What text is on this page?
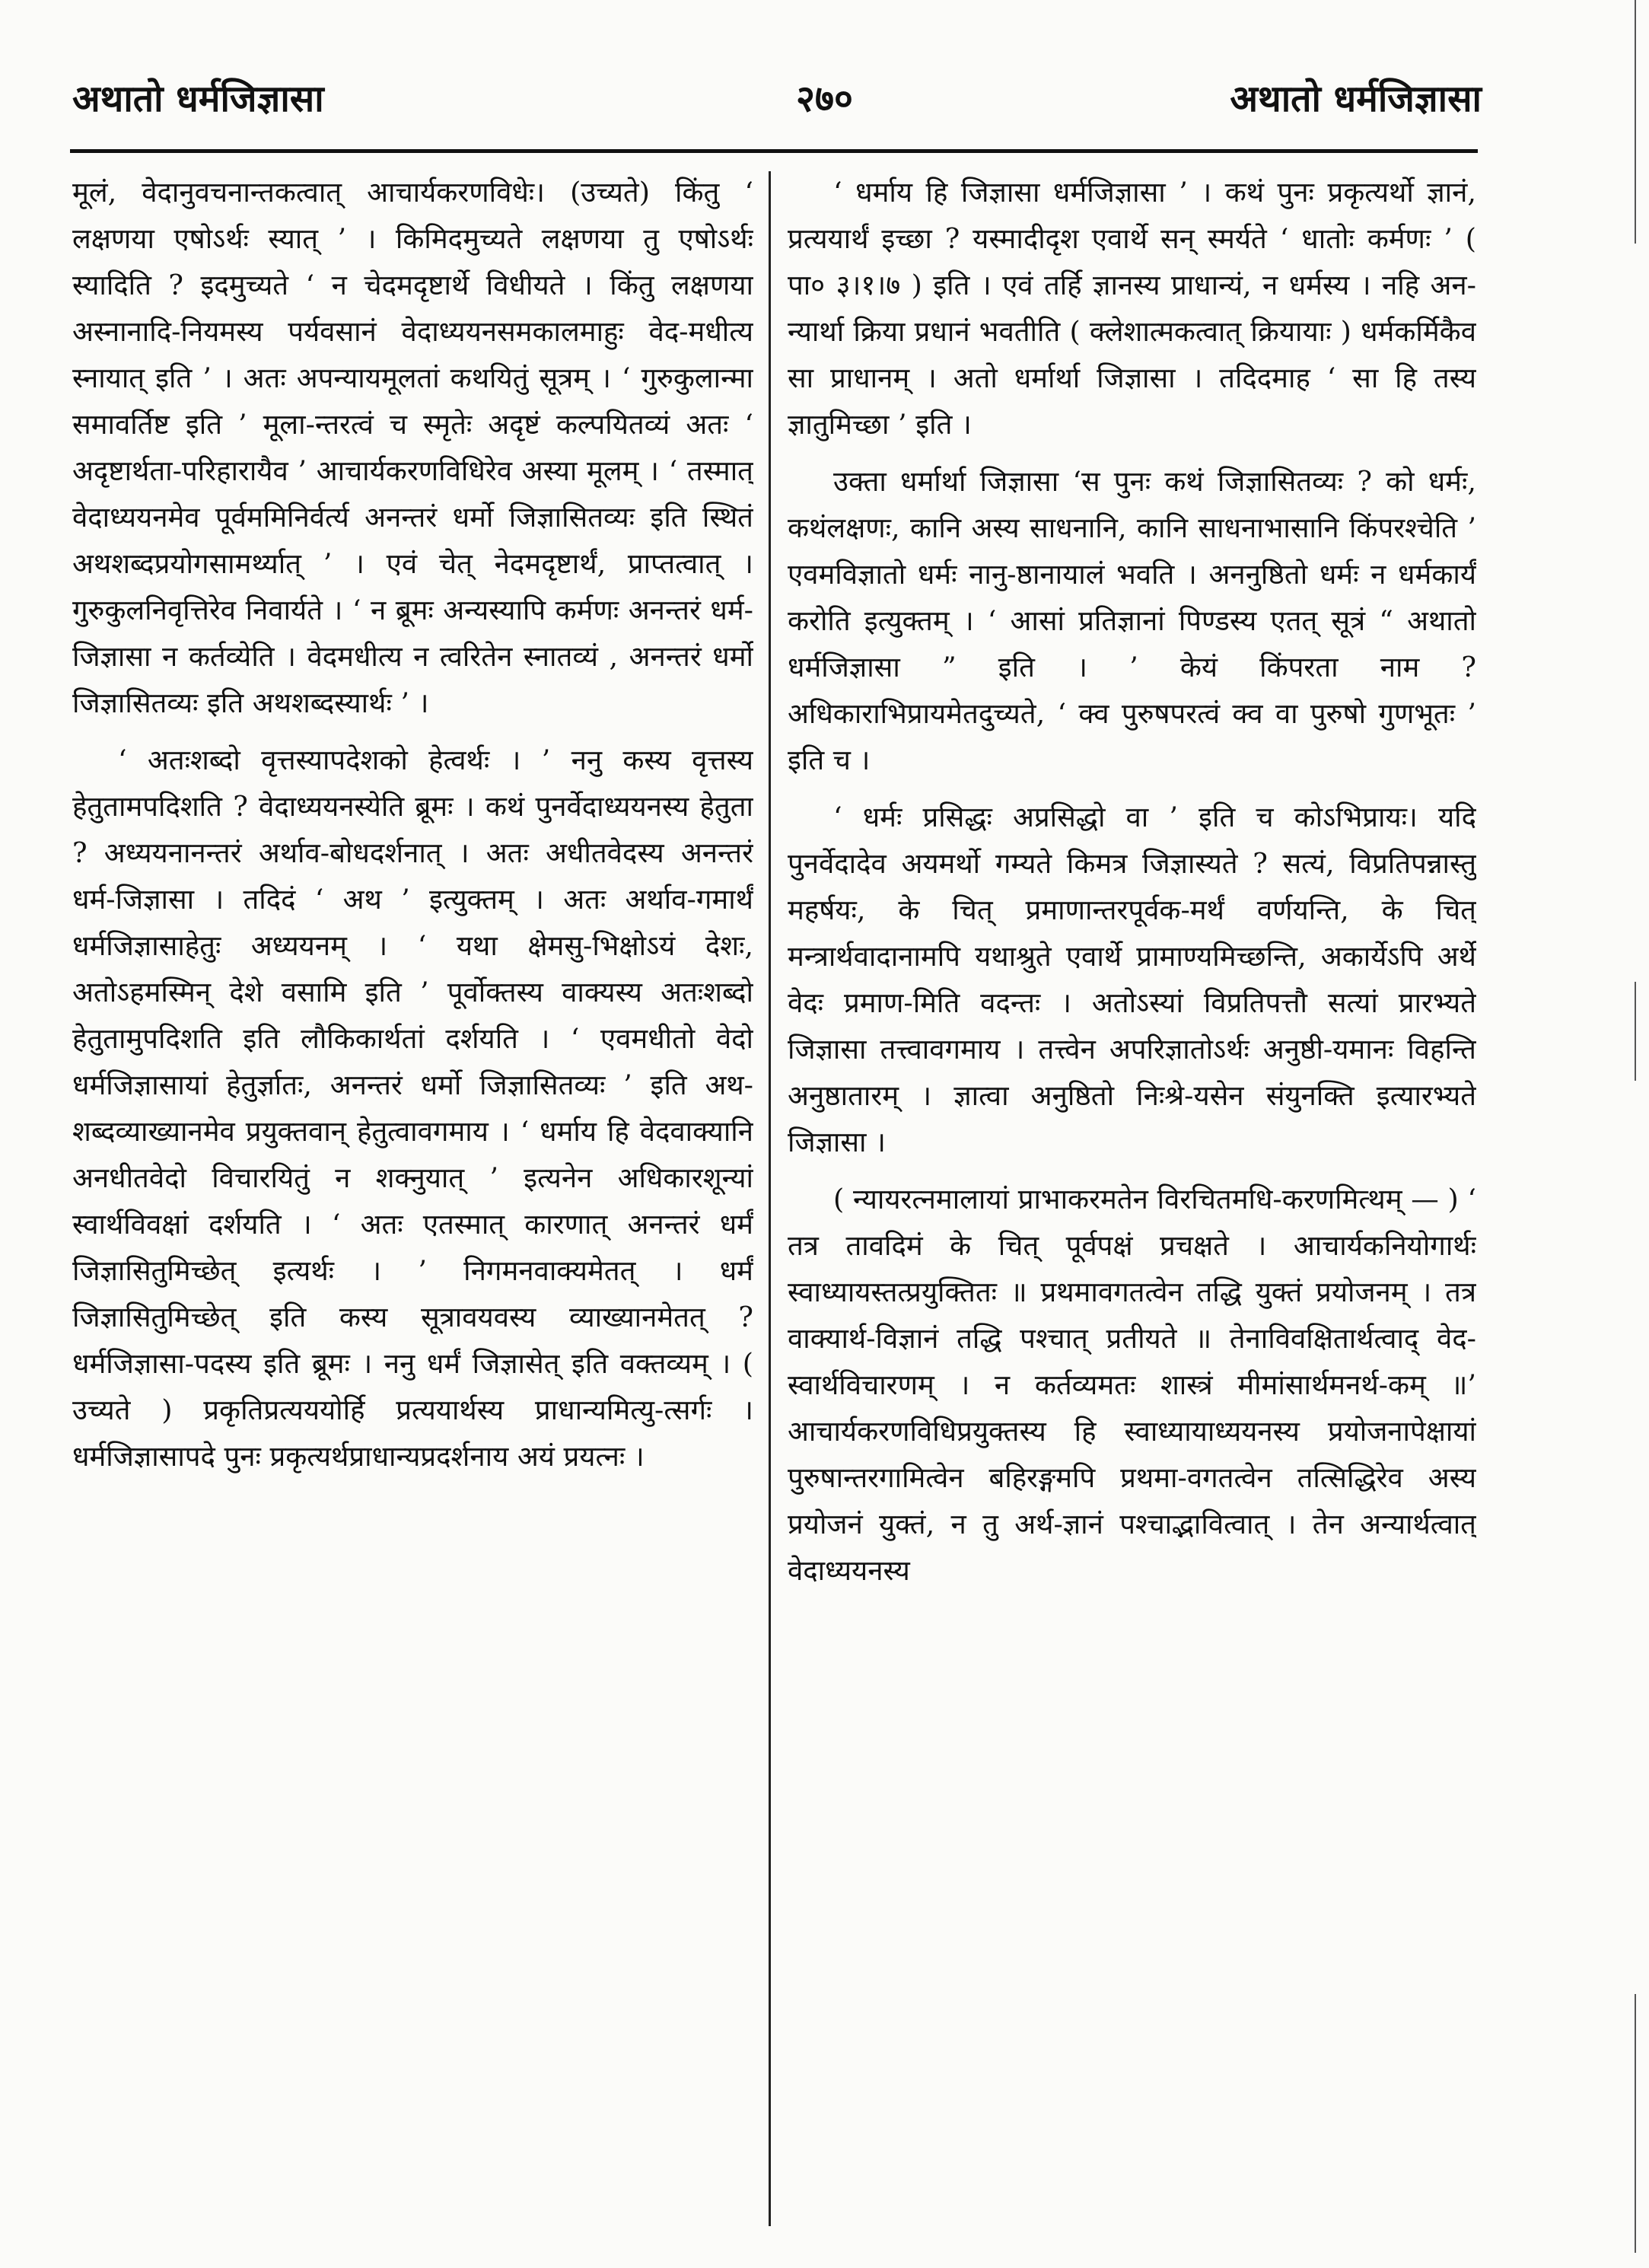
अथातो धर्मजिज्ञासा	२७०	अथातो धर्मजिज्ञासा

मूलं, वेदानुवचनान्तकत्वात् आचार्यकरणविधेः। (उच्यते) किंतु ‘ लक्षणया एषोऽर्थः स्यात् ’ । किमिदमुच्यते लक्षणया तु एषोऽर्थः स्यादिति ? इदमुच्यते ‘ न चेदमदृष्टार्थे विधीयते । किंतु लक्षणया अस्नानादि-नियमस्य पर्यवसानं वेदाध्ययनसमकालमाहुः वेद-मधीत्य स्नायात् इति ’ । अतः अपन्यायमूलतां कथयितुं सूत्रम् । ‘ गुरुकुलान्मा समावर्तिष्ट इति ’ मूला-न्तरत्वं च स्मृतेः अदृष्टं कल्पयितव्यं अतः ‘ अदृष्टार्थता-परिहारायैव ’ आचार्यकरणविधिरेव अस्या मूलम् । ‘ तस्मात् वेदाध्ययनमेव पूर्वममिनिर्वर्त्य अनन्तरं धर्मो जिज्ञासितव्यः इति स्थितं अथशब्दप्रयोगसामर्थ्यात् ’ । एवं चेत् नेदमदृष्टार्थं, प्राप्तत्वात् । गुरुकुलनिवृत्तिरेव निवार्यते । ‘ न ब्रूमः अन्यस्यापि कर्मणः अनन्तरं धर्म-जिज्ञासा न कर्तव्येति । वेदमधीत्य न त्वरितेन स्नातव्यं , अनन्तरं धर्मो जिज्ञासितव्यः इति अथशब्दस्यार्थः ’ ।

‘ अतःशब्दो वृत्तस्यापदेशको हेत्वर्थः । ’ ननु कस्य वृत्तस्य हेतुतामपदिशति ? वेदाध्ययनस्येति ब्रूमः । कथं पुनर्वेदाध्ययनस्य हेतुता ? अध्ययनानन्तरं अर्थाव-बोधदर्शनात् । अतः अधीतवेदस्य अनन्तरं धर्म-जिज्ञासा । तदिदं ‘ अथ ’ इत्युक्तम् । अतः अर्थाव-गमार्थं धर्मजिज्ञासाहेतुः अध्ययनम् । ‘ यथा क्षेमसु-भिक्षोऽयं देशः, अतोऽहमस्मिन् देशे वसामि इति ’ पूर्वोक्तस्य वाक्यस्य अतःशब्दो हेतुतामुपदिशति इति लौकिकार्थतां दर्शयति । ‘ एवमधीतो वेदो धर्मजिज्ञासायां हेतुर्ज्ञातः, अनन्तरं धर्मो जिज्ञासितव्यः ’ इति अथ-शब्दव्याख्यानमेव प्रयुक्तवान् हेतुत्वावगमाय । ‘ धर्माय हि वेदवाक्यानि अनधीतवेदो विचारयितुं न शक्नुयात् ’ इत्यनेन अधिकारशून्यां स्वार्थविवक्षां दर्शयति । ‘ अतः एतस्मात् कारणात् अनन्तरं धर्मं जिज्ञासितुमिच्छेत् इत्यर्थः । ’ निगमनवाक्यमेतत् । धर्मं जिज्ञासितुमिच्छेत् इति कस्य सूत्रावयवस्य व्याख्यानमेतत् ? धर्मजिज्ञासा-पदस्य इति ब्रूमः । ननु धर्मं जिज्ञासेत् इति वक्तव्यम् । ( उच्यते ) प्रकृतिप्रत्यययोर्हि प्रत्ययार्थस्य प्राधान्यमित्यु-त्सर्गः । धर्मजिज्ञासापदे पुनः प्रकृत्यर्थप्राधान्यप्रदर्शनाय अयं प्रयत्नः ।

‘ धर्माय हि जिज्ञासा धर्मजिज्ञासा ’ । कथं पुनः प्रकृत्यर्थो ज्ञानं, प्रत्ययार्थं इच्छा ? यस्मादीदृश एवार्थे सन् स्मर्यते ‘ धातोः कर्मणः ’ ( पा० ३।१।७ ) इति । एवं तर्हि ज्ञानस्य प्राधान्यं, न धर्मस्य । नहि अन-न्यार्था क्रिया प्रधानं भवतीति ( क्लेशात्मकत्वात् क्रियायाः ) धर्मकर्मिकैव सा प्राधानम् । अतो धर्मार्था जिज्ञासा । तदिदमाह ‘ सा हि तस्य ज्ञातुमिच्छा ’ इति ।

उक्ता धर्मार्था जिज्ञासा ‘स पुनः कथं जिज्ञासितव्यः ? को धर्मः, कथंलक्षणः, कानि अस्य साधनानि, कानि साधनाभासानि किंपरश्चेति ’ एवमविज्ञातो धर्मः नानु-ष्ठानायालं भवति । अननुष्ठितो धर्मः न धर्मकार्यं करोति इत्युक्तम् । ‘ आसां प्रतिज्ञानां पिण्डस्य एतत् सूत्रं “ अथातो धर्मजिज्ञासा ” इति । ’ केयं किंपरता नाम ? अधिकाराभिप्रायमेतदुच्यते, ‘ क्व पुरुषपरत्वं क्व वा पुरुषो गुणभूतः ’ इति च ।

‘ धर्मः प्रसिद्धः अप्रसिद्धो वा ’ इति च कोऽभिप्रायः। यदि पुनर्वेदादेव अयमर्थो गम्यते किमत्र जिज्ञास्यते ? सत्यं, विप्रतिपन्नास्तु महर्षयः, के चित् प्रमाणान्तरपूर्वक-मर्थं वर्णयन्ति, के चित् मन्त्रार्थवादानामपि यथाश्रुते एवार्थे प्रामाण्यमिच्छन्ति, अकार्येऽपि अर्थे वेदः प्रमाण-मिति वदन्तः । अतोऽस्यां विप्रतिपत्तौ सत्यां प्रारभ्यते जिज्ञासा तत्त्वावगमाय । तत्त्वेन अपरिज्ञातोऽर्थः अनुष्ठी-यमानः विहन्ति अनुष्ठातारम् । ज्ञात्वा अनुष्ठितो निःश्रे-यसेन संयुनक्ति इत्यारभ्यते जिज्ञासा ।

( न्यायरत्नमालायां प्राभाकरमतेन विरचितमधि-करणमित्थम् — ) ‘ तत्र तावदिमं के चित् पूर्वपक्षं प्रचक्षते । आचार्यकनियोगार्थः स्वाध्यायस्तत्प्रयुक्तितः ॥ प्रथमावगतत्वेन तद्धि युक्तं प्रयोजनम् । तत्र वाक्यार्थ-विज्ञानं तद्धि पश्चात् प्रतीयते ॥ तेनाविवक्षितार्थत्वाद् वेद-स्वार्थविचारणम् । न कर्तव्यमतः शास्त्रं मीमांसार्थमनर्थ-कम् ॥’ आचार्यकरणविधिप्रयुक्तस्य हि स्वाध्यायाध्ययनस्य प्रयोजनापेक्षायां पुरुषान्तरगामित्वेन बहिरङ्गमपि प्रथमा-वगतत्वेन तत्सिद्धिरेव अस्य प्रयोजनं युक्तं, न तु अर्थ-ज्ञानं पश्चाद्भावित्वात् । तेन अन्यार्थत्वात् वेदाध्ययनस्य
